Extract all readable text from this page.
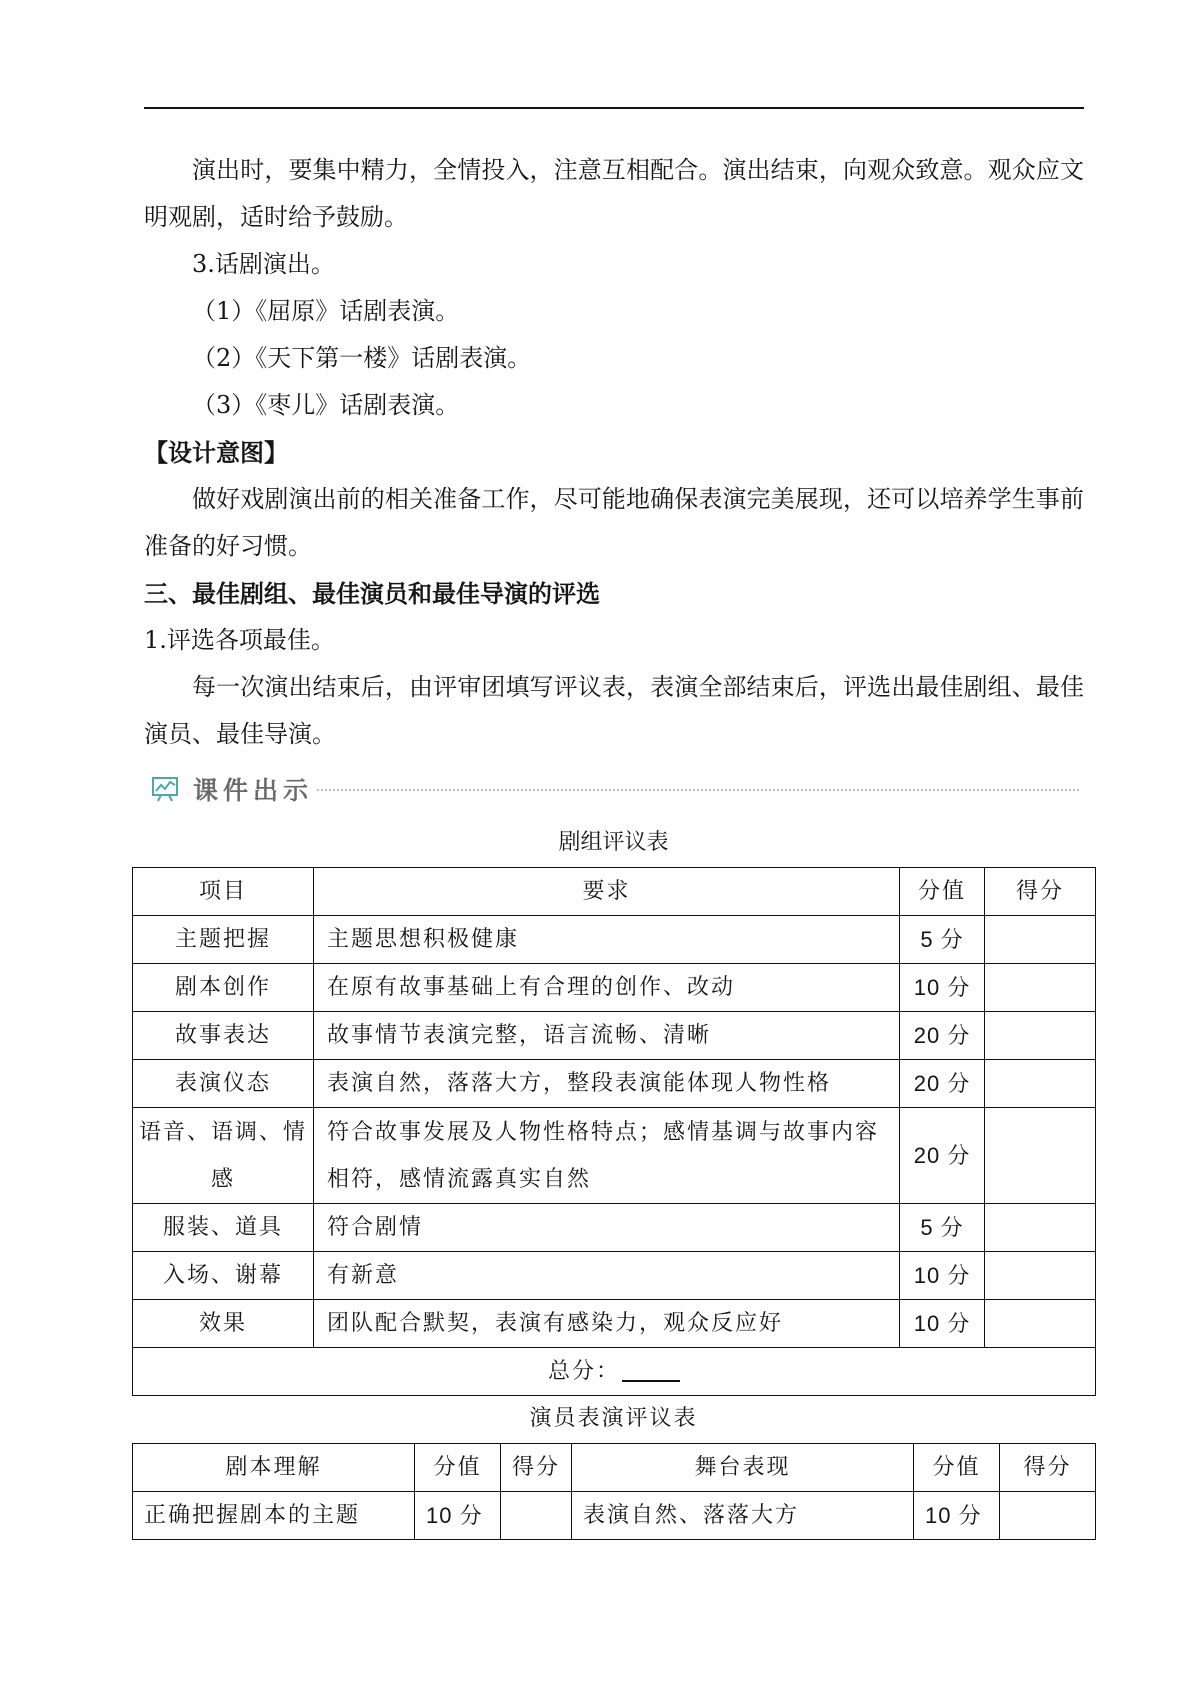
演出时，要集中精力，全情投入，注意互相配合。演出结束，向观众致意。观众应文明观剧，适时给予鼓励。

3.话剧演出。

（1）《屈原》话剧表演。

（2）《天下第一楼》话剧表演。

（3）《枣儿》话剧表演。

【设计意图】

做好戏剧演出前的相关准备工作，尽可能地确保表演完美展现，还可以培养学生事前准备的好习惯。

三、最佳剧组、最佳演员和最佳导演的评选

1.评选各项最佳。

每一次演出结束后，由评审团填写评议表，表演全部结束后，评选出最佳剧组、最佳演员、最佳导演。

课件出示
剧组评议表
项目	要求	分值	得分
主题把握	主题思想积极健康	5 分	
剧本创作	在原有故事基础上有合理的创作、改动	10 分	
故事表达	故事情节表演完整，语言流畅、清晰	20 分	
表演仪态	表演自然，落落大方，整段表演能体现人物性格	20 分	
语音、语调、情感	符合故事发展及人物性格特点；感情基调与故事内容相符，感情流露真实自然	20 分	
服装、道具	符合剧情	5 分	
入场、谢幕	有新意	10 分	
效果	团队配合默契，表演有感染力，观众反应好	10 分	
总分：			
演员表演评议表
剧本理解	分值	得分	舞台表现	分值	得分
正确把握剧本的主题	10 分		表演自然、落落大方	10 分	
